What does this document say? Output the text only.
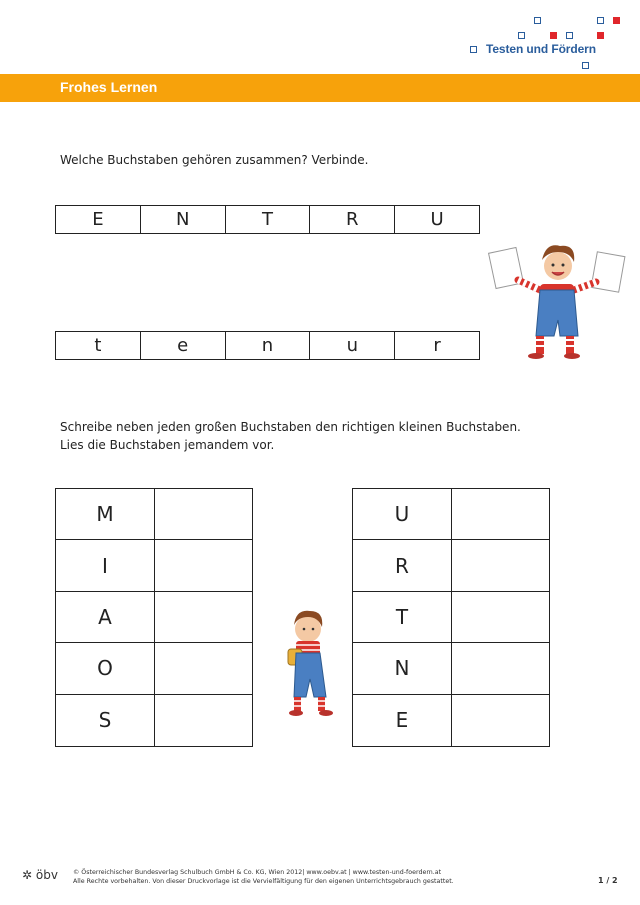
Testen und Fördern
Frohes Lernen
Welche Buchstaben gehören zusammen? Verbinde.
E	N	T	R	U
t	e	n	u	r
Schreibe neben jeden großen Buchstaben den richtigen kleinen Buchstaben.
Lies die Buchstaben jemandem vor.
M
I
A
O
S
U
R
T
N
E
✲ öbv © Österreichischer Bundesverlag Schulbuch GmbH & Co. KG, Wien 2012| www.oebv.at | www.testen-und-foerdern.at
Alle Rechte vorbehalten. Von dieser Druckvorlage ist die Vervielfältigung für den eigenen Unterrichtsgebrauch gestattet.	1 / 2
